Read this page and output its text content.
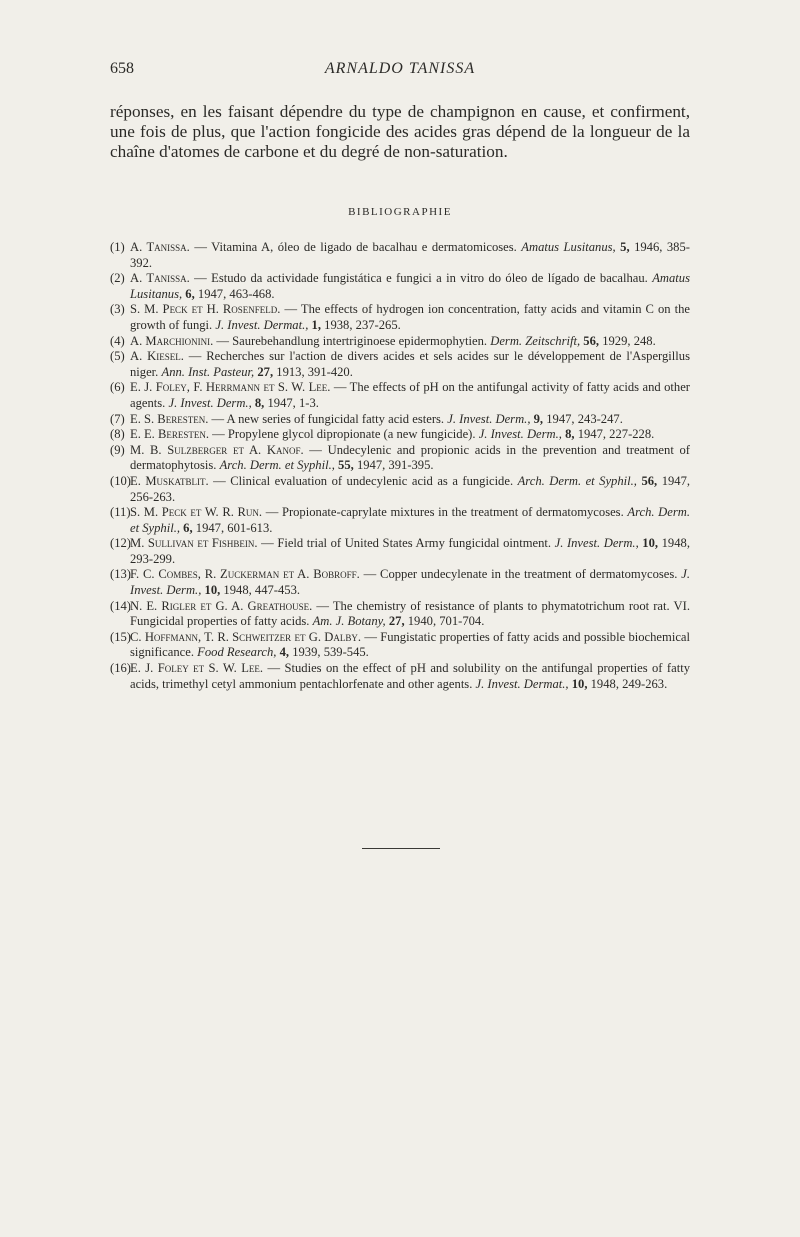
658	ARNALDO TANISSA

réponses, en les faisant dépendre du type de champignon en cause, et confirment, une fois de plus, que l'action fongicide des acides gras dépend de la longueur de la chaîne d'atomes de carbone et du degré de non-saturation.

BIBLIOGRAPHIE
(1) A. Tanissa. — Vitamina A, óleo de ligado de bacalhau e dermatomicoses. Amatus Lusitanus, 5, 1946, 385-392.
(2) A. Tanissa. — Estudo da actividade fungistática e fungici a in vitro do óleo de lígado de bacalhau. Amatus Lusitanus, 6, 1947, 463-468.
(3) S. M. Peck et H. Rosenfeld. — The effects of hydrogen ion concentration, fatty acids and vitamin C on the growth of fungi. J. Invest. Dermat., 1, 1938, 237-265.
(4) A. Marchionini. — Saurebehandlung intertriginoese epidermophytien. Derm. Zeitschrift, 56, 1929, 248.
(5) A. Kiesel. — Recherches sur l'action de divers acides et sels acides sur le développement de l'Aspergillus niger. Ann. Inst. Pasteur, 27, 1913, 391-420.
(6) E. J. Foley, F. Herrmann et S. W. Lee. — The effects of pH on the antifungal activity of fatty acids and other agents. J. Invest. Derm., 8, 1947, 1-3.
(7) E. S. Beresten. — A new series of fungicidal fatty acid esters. J. Invest. Derm., 9, 1947, 243-247.
(8) E. E. Beresten. — Propylene glycol dipropionate (a new fungicide). J. Invest. Derm., 8, 1947, 227-228.
(9) M. B. Sulzberger et A. Kanof. — Undecylenic and propionic acids in the prevention and treatment of dermatophytosis. Arch. Derm. et Syphil., 55, 1947, 391-395.
(10) E. Muskatblit. — Clinical evaluation of undecylenic acid as a fungicide. Arch. Derm. et Syphil., 56, 1947, 256-263.
(11) S. M. Peck et W. R. Run. — Propionate-caprylate mixtures in the treatment of dermatomycoses. Arch. Derm. et Syphil., 6, 1947, 601-613.
(12) M. Sullivan et Fishbein. — Field trial of United States Army fungicidal ointment. J. Invest. Derm., 10, 1948, 293-299.
(13) F. C. Combes, R. Zuckerman et A. Bobroff. — Copper undecylenate in the treatment of dermatomycoses. J. Invest. Derm., 10, 1948, 447-453.
(14) N. E. Rigler et G. A. Greathouse. — The chemistry of resistance of plants to phymatotrichum root rat. VI. Fungicidal properties of fatty acids. Am. J. Botany, 27, 1940, 701-704.
(15) C. Hoffmann, T. R. Schweitzer et G. Dalby. — Fungistatic properties of fatty acids and possible biochemical significance. Food Research, 4, 1939, 539-545.
(16) E. J. Foley et S. W. Lee. — Studies on the effect of pH and solubility on the antifungal properties of fatty acids, trimethyl cetyl ammonium pentachlorfenate and other agents. J. Invest. Dermat., 10, 1948, 249-263.
